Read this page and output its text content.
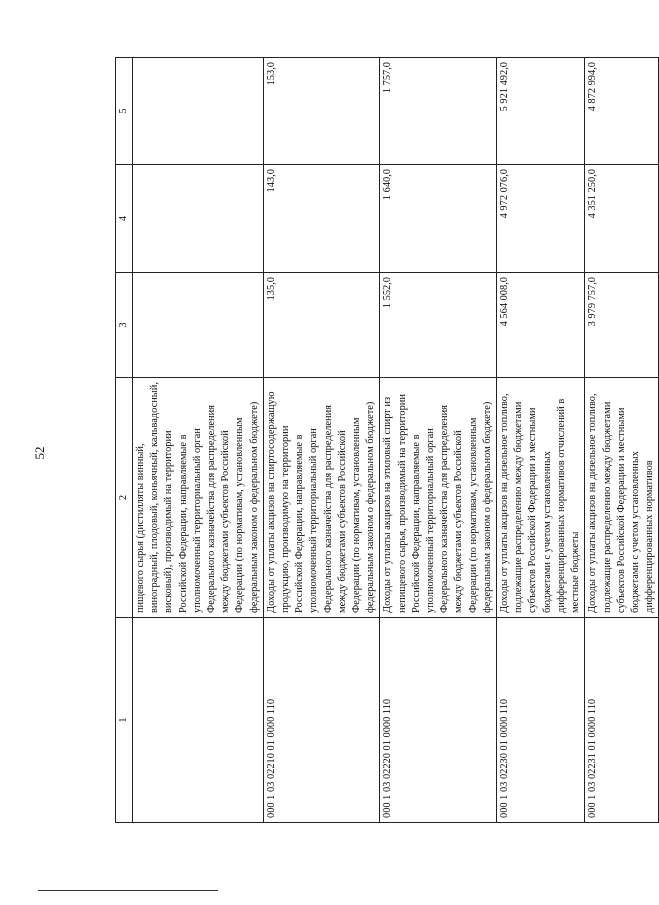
52
1	2	3	4	5
	пищевого сырья (дистилляты винный, виноградный, плодовый, коньячный, кальвадосный, висковый), производимый на территории Российской Федерации, направляемые в уполномоченный территориальный орган Федерального казначейства для распределения между бюджетами субъектов Российской Федерации (по нормативам, установленным федеральным законом о федеральном бюджете)			
000 1 03 02210 01 0000 110	Доходы от уплаты акцизов на спиртосодержащую продукцию, производимую на территории Российской Федерации, направляемые в уполномоченный территориальный орган Федерального казначейства для распределения между бюджетами субъектов Российской Федерации (по нормативам, установленным федеральным законом о федеральном бюджете)	135,0	143,0	153,0
000 1 03 02220 01 0000 110	Доходы от уплаты акцизов на этиловый спирт из непищевого сырья, производимый на территории Российской Федерации, направляемые в уполномоченный территориальный орган Федерального казначейства для распределения между бюджетами субъектов Российской Федерации (по нормативам, установленным федеральным законом о федеральном бюджете)	1 552,0	1 640,0	1 757,0
000 1 03 02230 01 0000 110	Доходы от уплаты акцизов на дизельное топливо, подлежащие распределению между бюджетами субъектов Российской Федерации и местными бюджетами с учетом установленных дифференцированных нормативов отчислений в местные бюджеты	4 564 008,0	4 972 076,0	5 921 492,0
000 1 03 02231 01 0000 110	Доходы от уплаты акцизов на дизельное топливо, подлежащие распределению между бюджетами субъектов Российской Федерации и местными бюджетами с учетом установленных дифференцированных нормативов	3 979 757,0	4 351 250,0	4 872 994,0
